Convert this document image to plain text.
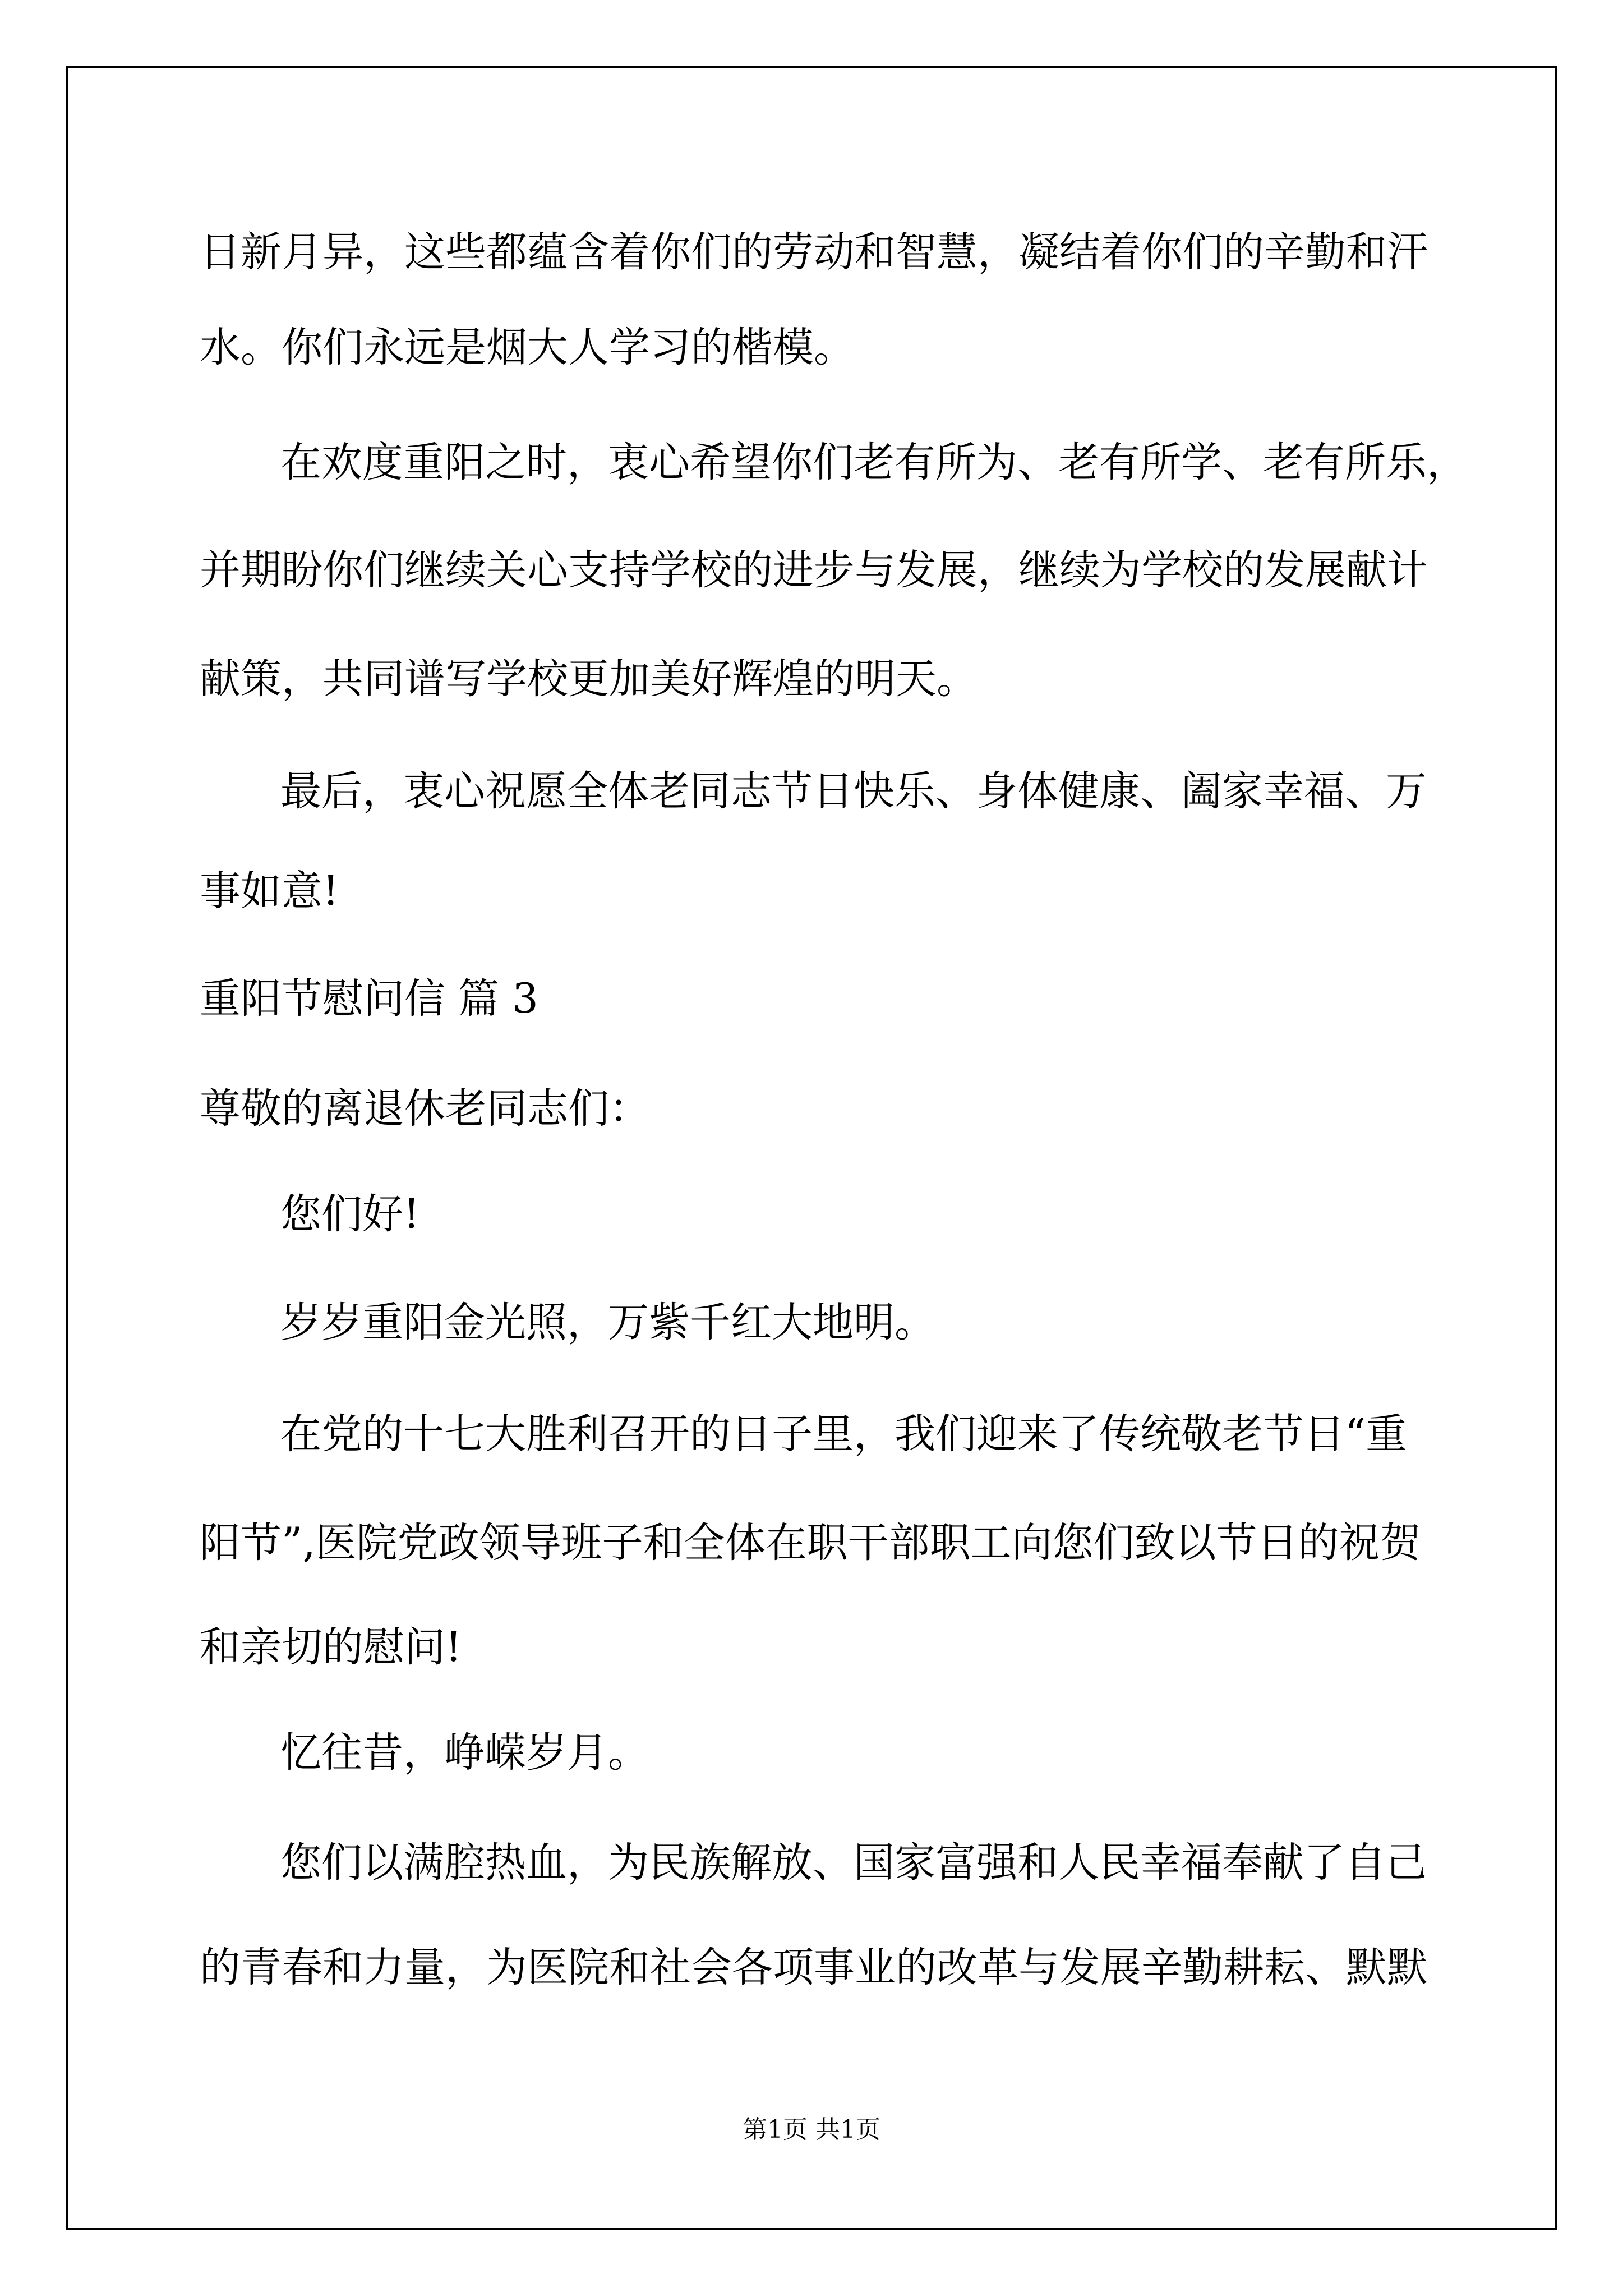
日新月异，这些都蕴含着你们的劳动和智慧，凝结着你们的辛勤和汗
水。你们永远是烟大人学习的楷模。
在欢度重阳之时，衷心希望你们老有所为、老有所学、老有所乐，
并期盼你们继续关心支持学校的进步与发展，继续为学校的发展献计
献策，共同谱写学校更加美好辉煌的明天。
最后，衷心祝愿全体老同志节日快乐、身体健康、阖家幸福、万
事如意!
重阳节慰问信 篇 3
尊敬的离退休老同志们：
您们好!
岁岁重阳金光照，万紫千红大地明。
在党的十七大胜利召开的日子里，我们迎来了传统敬老节日“重
阳节”,医院党政领导班子和全体在职干部职工向您们致以节日的祝贺
和亲切的慰问!
忆往昔，峥嵘岁月。
您们以满腔热血，为民族解放、国家富强和人民幸福奉献了自己
的青春和力量，为医院和社会各项事业的改革与发展辛勤耕耘、默默
第1页 共1页
